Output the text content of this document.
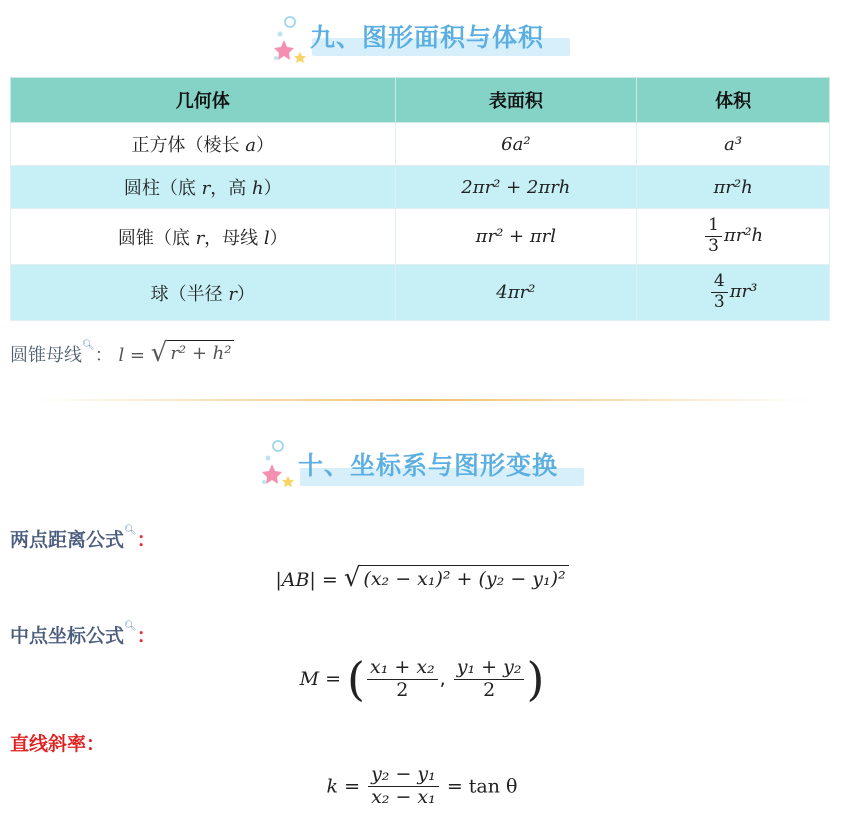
九、图形面积与体积
几何体	表面积	体积
正方体（棱长 a）	6a²	a³
圆柱（底 r，高 h）	2πr² + 2πrh	πr²h
圆锥（底 r，母线 l）	πr² + πrl	$\frac{1}{3} \pi r^2h$
球（半径 r）	4πr²	$\frac{4}{3} \pi r^3$
圆锥母线🔍︎： l = √ r² + h²
十、坐标系与图形变换
两点距离公式🔍︎：
|AB| = √ (x₂ − x₁)² + (y₂ − y₁)²
中点坐标公式🔍︎：
M = ( $\frac{\text{x₁ + x₂}}{2}$ , $\frac{\text{y₁ + y₂}}{2}$ )
直线斜率：
$k = \frac{\text{y₂ − y₁}}{\text{x₂ − x₁}} = \tan \theta$
